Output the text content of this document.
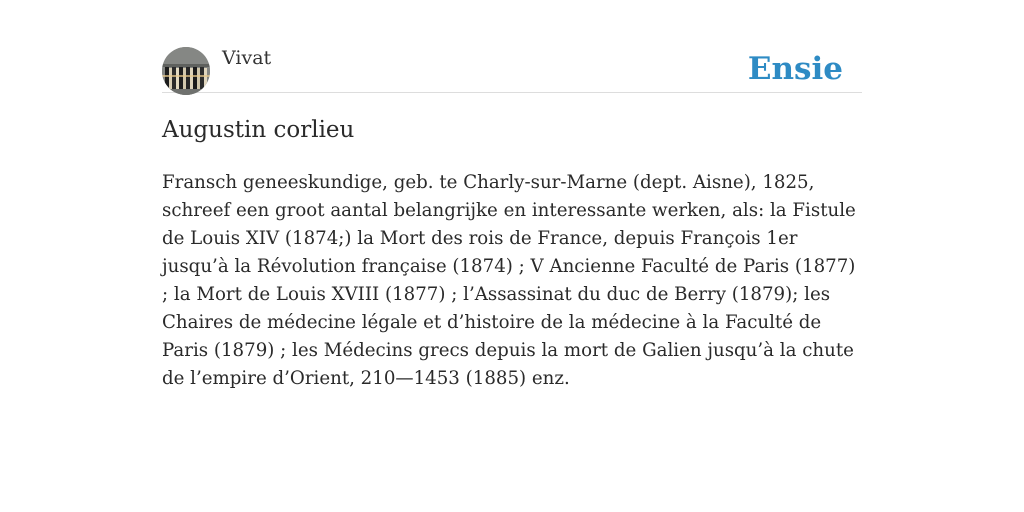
Vivat	Ensie
Augustin corlieu

Fransch geneeskundige, geb. te Charly-sur-Marne (dept. Aisne), 1825, schreef een groot aantal belangrijke en interessante werken, als: la Fistule de Louis XIV (1874;) la Mort des rois de France, depuis François 1er jusqu’à la Révolution française (1874) ; V Ancienne Faculté de Paris (1877) ; la Mort de Louis XVIII (1877) ; l’Assassinat du duc de Berry (1879); les Chaires de médecine légale et d’histoire de la médecine à la Faculté de Paris (1879) ; les Médecins grecs depuis la mort de Galien jusqu’à la chute de l’empire d’Orient, 210—1453 (1885) enz.
